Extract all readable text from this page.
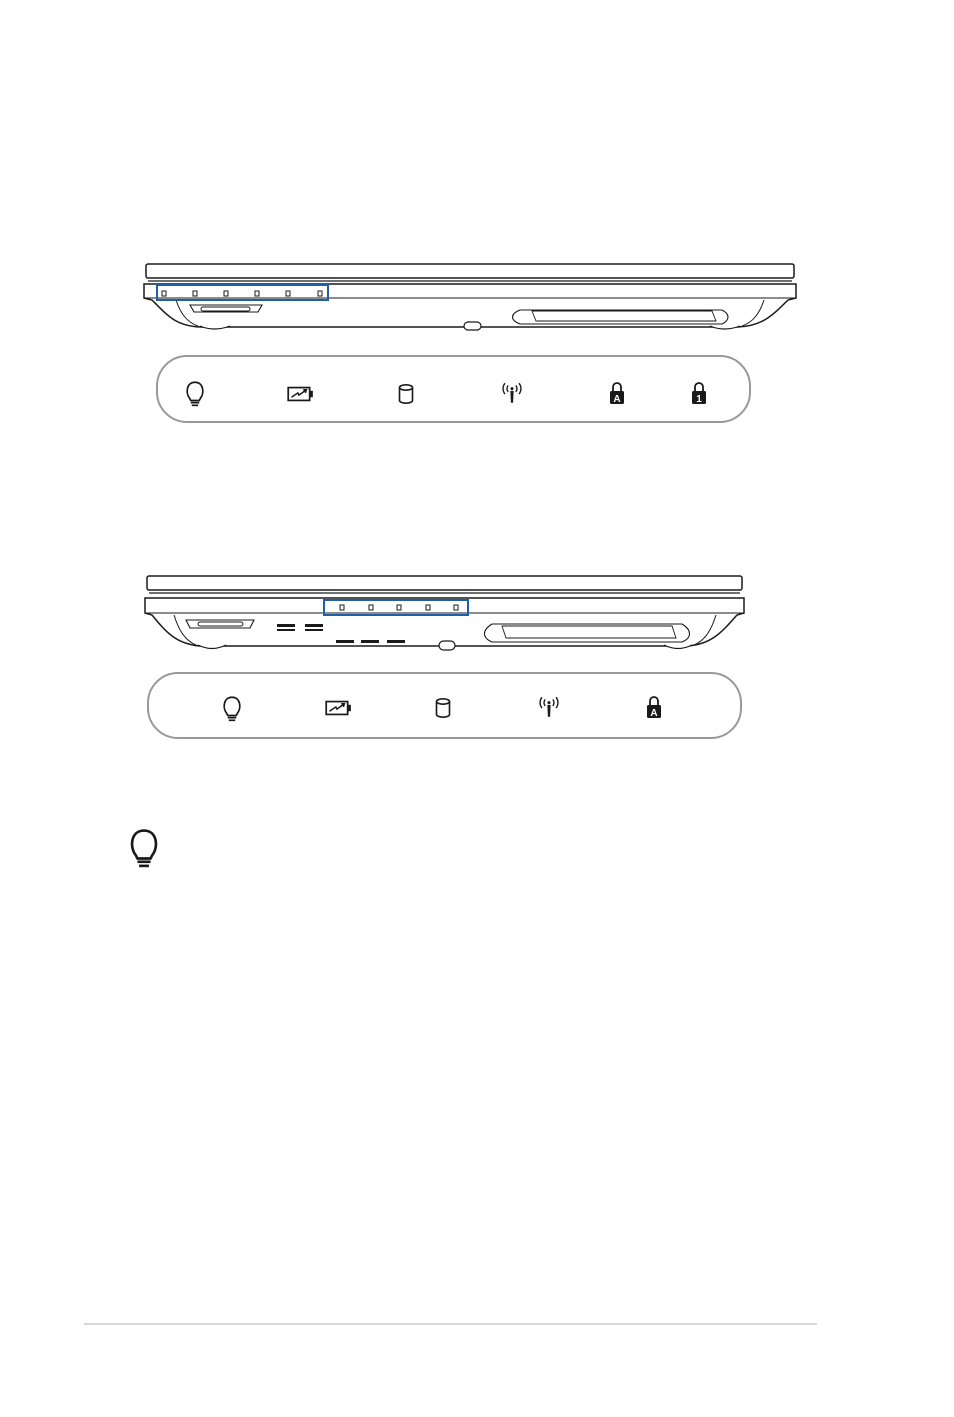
A	1
A
